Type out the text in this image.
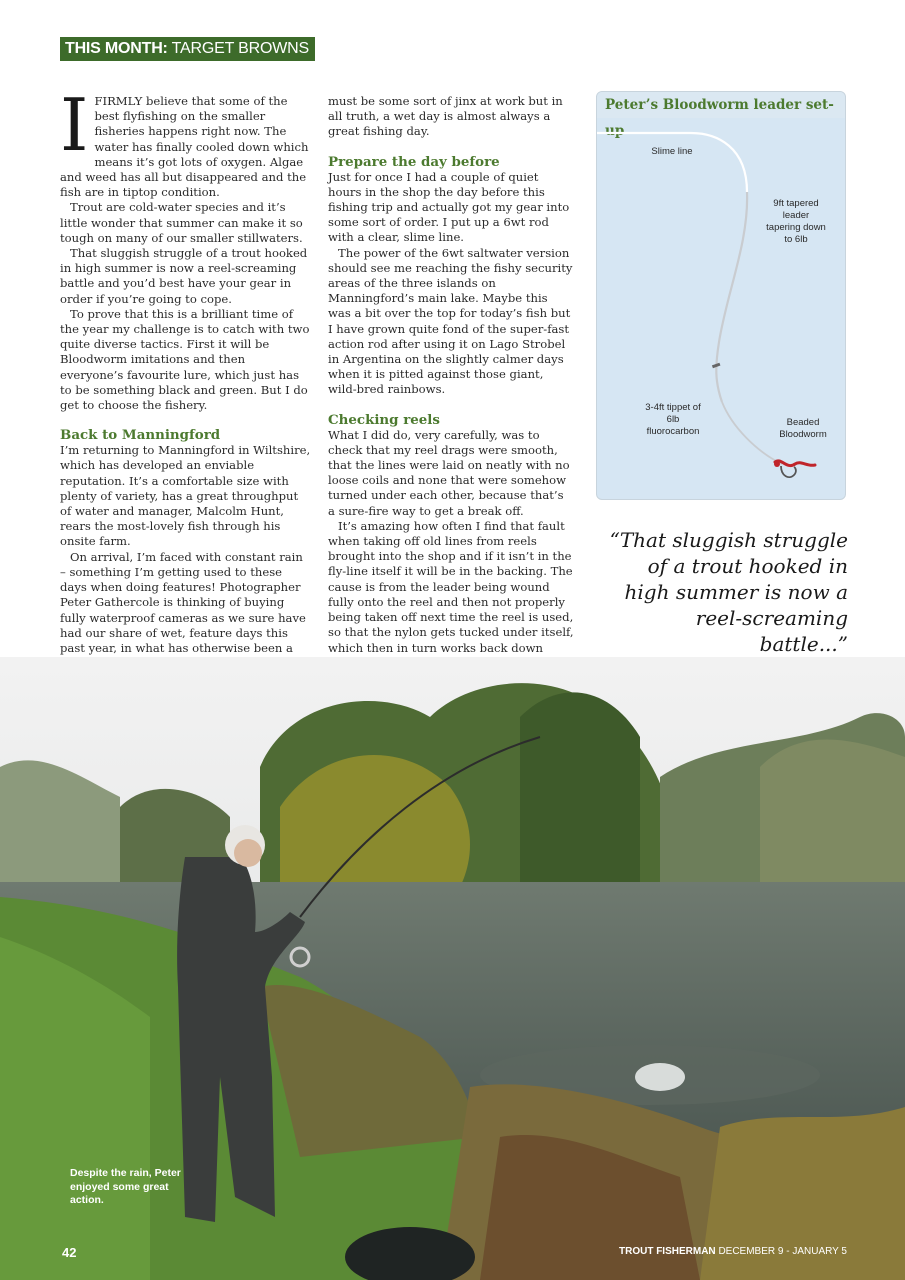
THIS MONTH: TARGET BROWNS
I FIRMLY believe that some of the best flyfishing on the smaller fisheries happens right now. The water has finally cooled down which means it’s got lots of oxygen. Algae and weed has all but disappeared and the fish are in tiptop condition.

Trout are cold-water species and it’s little wonder that summer can make it so tough on many of our smaller stillwaters.

That sluggish struggle of a trout hooked in high summer is now a reel-screaming battle and you’d best have your gear in order if you’re going to cope.

To prove that this is a brilliant time of the year my challenge is to catch with two quite diverse tactics. First it will be Bloodworm imitations and then everyone’s favourite lure, which just has to be something black and green. But I do get to choose the fishery.

Back to Manningford

I’m returning to Manningford in Wiltshire, which has developed an enviable reputation. It’s a comfortable size with plenty of variety, has a great throughput of water and manager, Malcolm Hunt, rears the most-lovely fish through his onsite farm.

On arrival, I’m faced with constant rain – something I’m getting used to these days when doing features! Photographer Peter Gathercole is thinking of buying fully waterproof cameras as we sure have had our share of wet, feature days this past year, in what has otherwise been a

must be some sort of jinx at work but in all truth, a wet day is almost always a great fishing day.

Prepare the day before

Just for once I had a couple of quiet hours in the shop the day before this fishing trip and actually got my gear into some sort of order. I put up a 6wt rod with a clear, slime line.

The power of the 6wt saltwater version should see me reaching the fishy security areas of the three islands on Manningford’s main lake. Maybe this was a bit over the top for today’s fish but I have grown quite fond of the super-fast action rod after using it on Lago Strobel in Argentina on the slightly calmer days when it is pitted against those giant, wild-bred rainbows.

Checking reels

What I did do, very carefully, was to check that my reel drags were smooth, that the lines were laid on neatly with no loose coils and none that were somehow turned under each other, because that’s a sure-fire way to get a break off.

It’s amazing how often I find that fault when taking off old lines from reels brought into the shop and if it isn’t in the fly-line itself it will be in the backing. The cause is from the leader being wound fully onto the reel and then not properly being taken off next time the reel is used, so that the nylon gets tucked under itself, which then in turn works back down

Peter’s Bloodworm leader set-up
Slime line
9ft tapered leader tapering down to 6lb
3-4ft tippet of 6lb fluorocarbon
Beaded Bloodworm
“That sluggish struggle of a trout hooked in high summer is now a reel-screaming battle...”
Despite the rain, Peter enjoyed some great action.
42	TROUT FISHERMAN DECEMBER 9 - JANUARY 5
